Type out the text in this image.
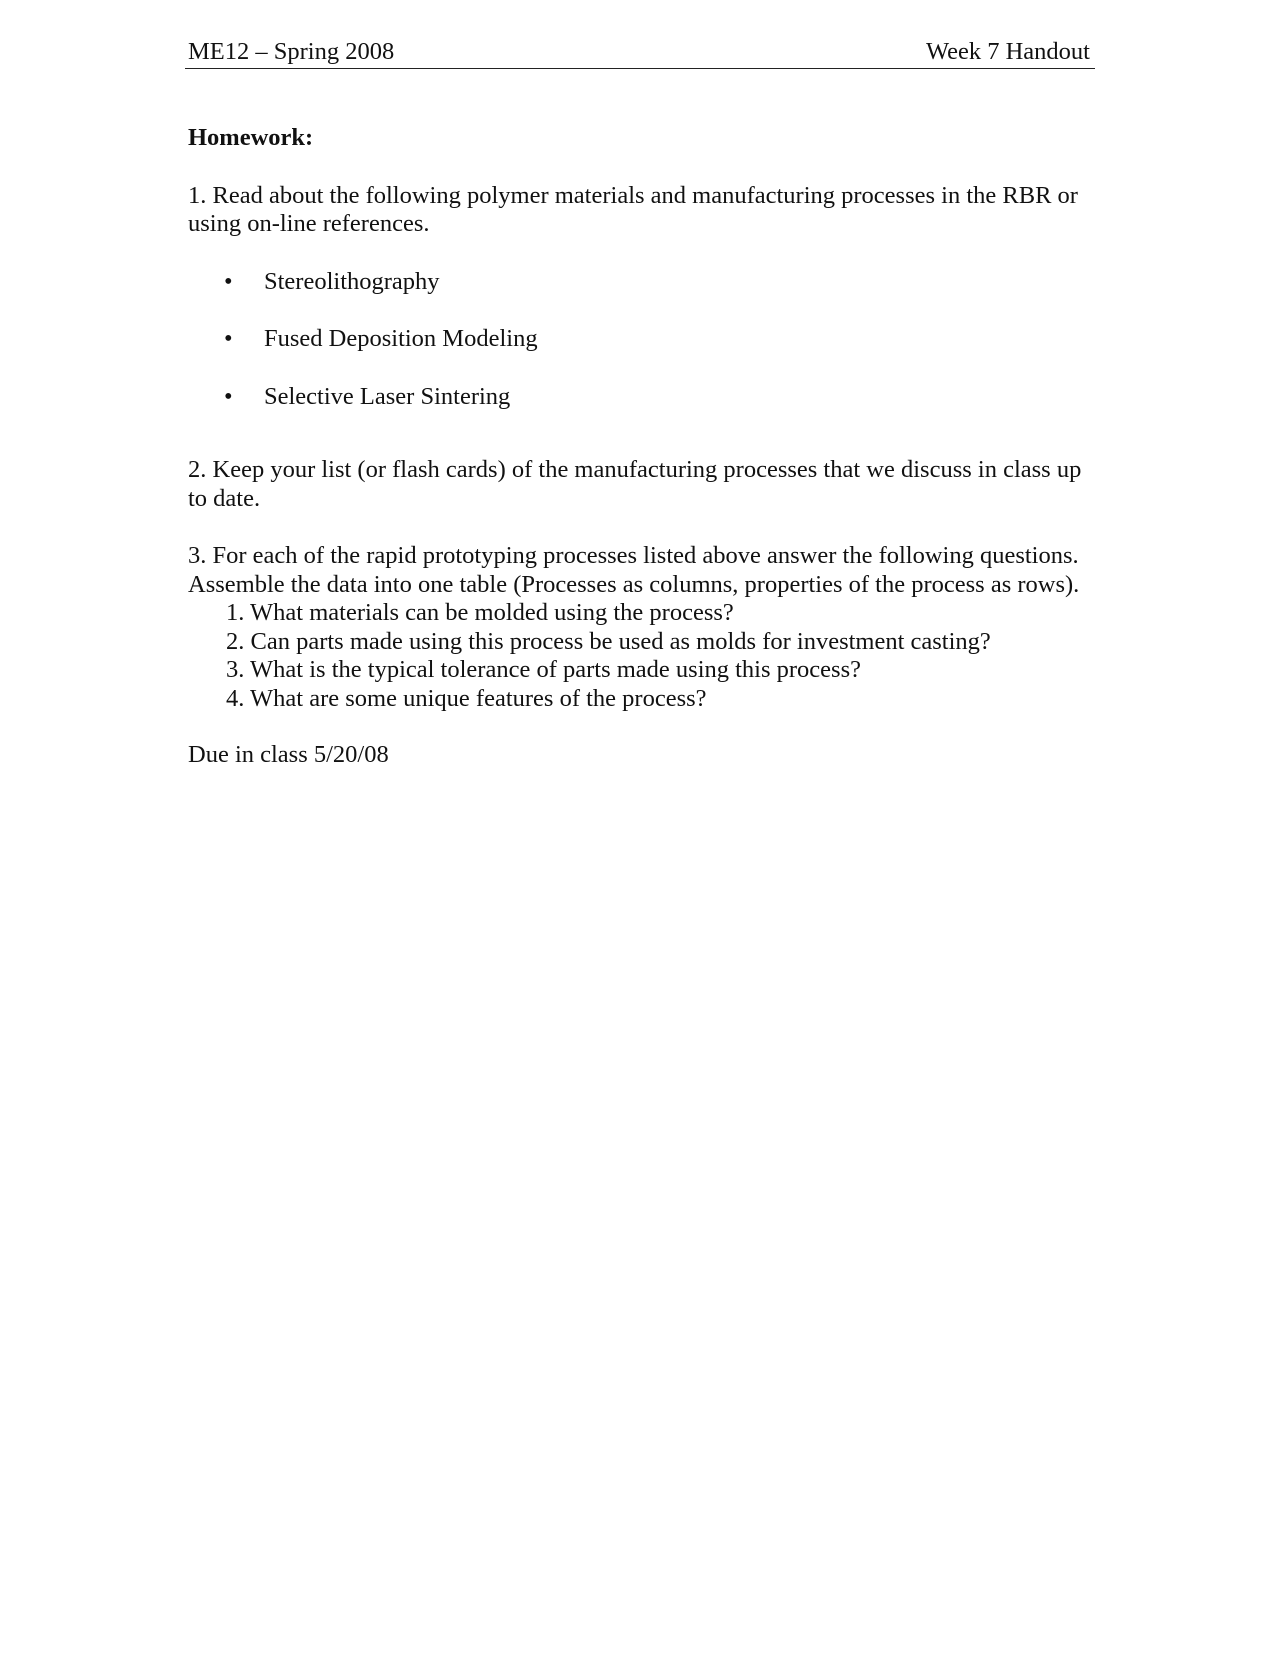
ME12 – Spring 2008	Week 7 Handout

Homework:

1. Read about the following polymer materials and manufacturing processes in the RBR or using on-line references.

• Stereolithography
• Fused Deposition Modeling
• Selective Laser Sintering

2. Keep your list (or flash cards) of the manufacturing processes that we discuss in class up to date.

3. For each of the rapid prototyping processes listed above answer the following questions. Assemble the data into one table (Processes as columns, properties of the process as rows).

1. What materials can be molded using the process?
2. Can parts made using this process be used as molds for investment casting?
3. What is the typical tolerance of parts made using this process?
4. What are some unique features of the process?

Due in class 5/20/08
